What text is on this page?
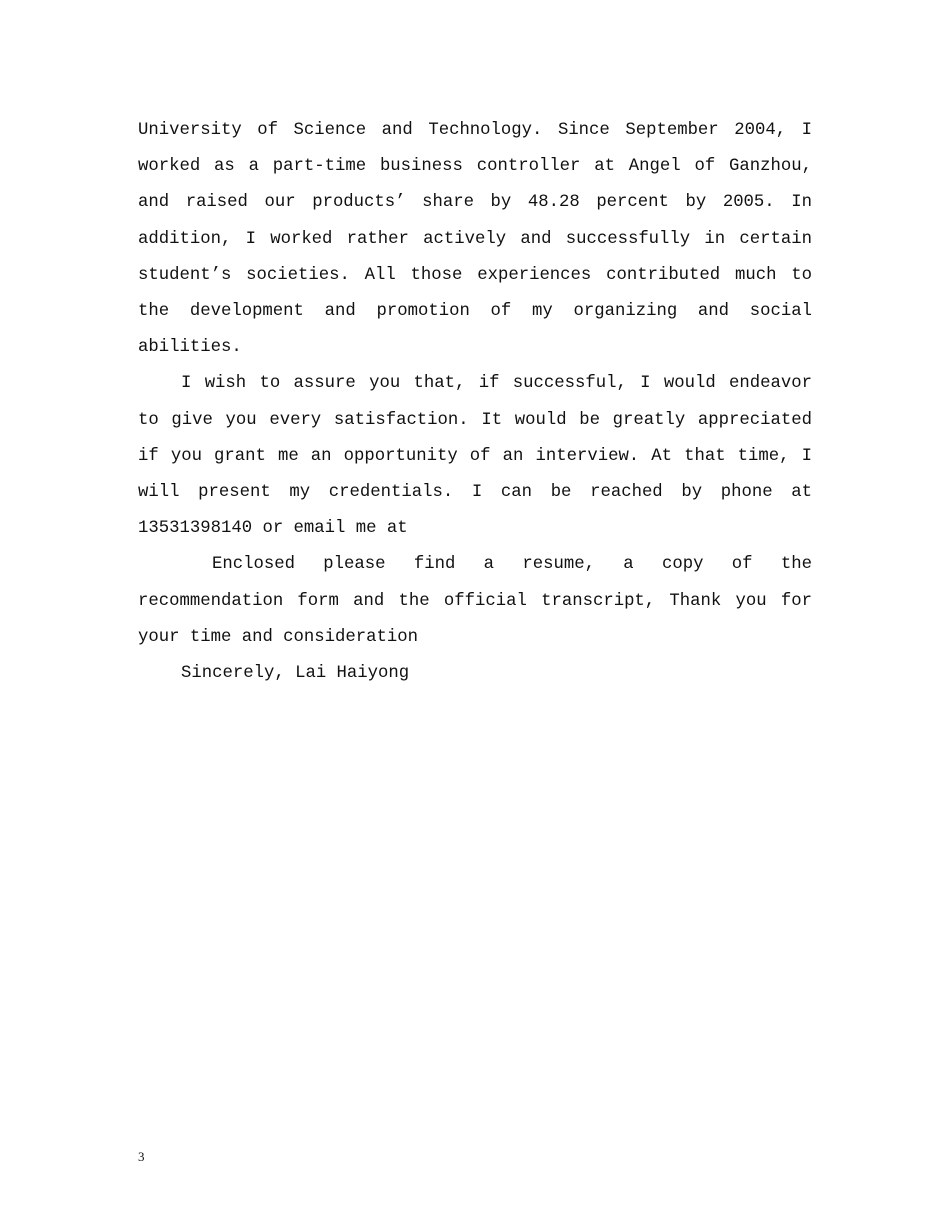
University of Science and Technology. Since September 2004, I worked as a part-time business controller at Angel of Ganzhou, and raised our products’ share by 48.28 percent by 2005. In addition, I worked rather actively and successfully in certain student’s societies. All those experiences contributed much to the development and promotion of my organizing and social abilities.

I wish to assure you that, if successful, I would endeavor to give you every satisfaction. It would be greatly appreciated if you grant me an opportunity of an interview. At that time, I will present my credentials. I can be reached by phone at 13531398140 or email me at

Enclosed please find a resume, a copy of the recommendation form and the official transcript, Thank you for your time and consideration

Sincerely, Lai Haiyong

3
